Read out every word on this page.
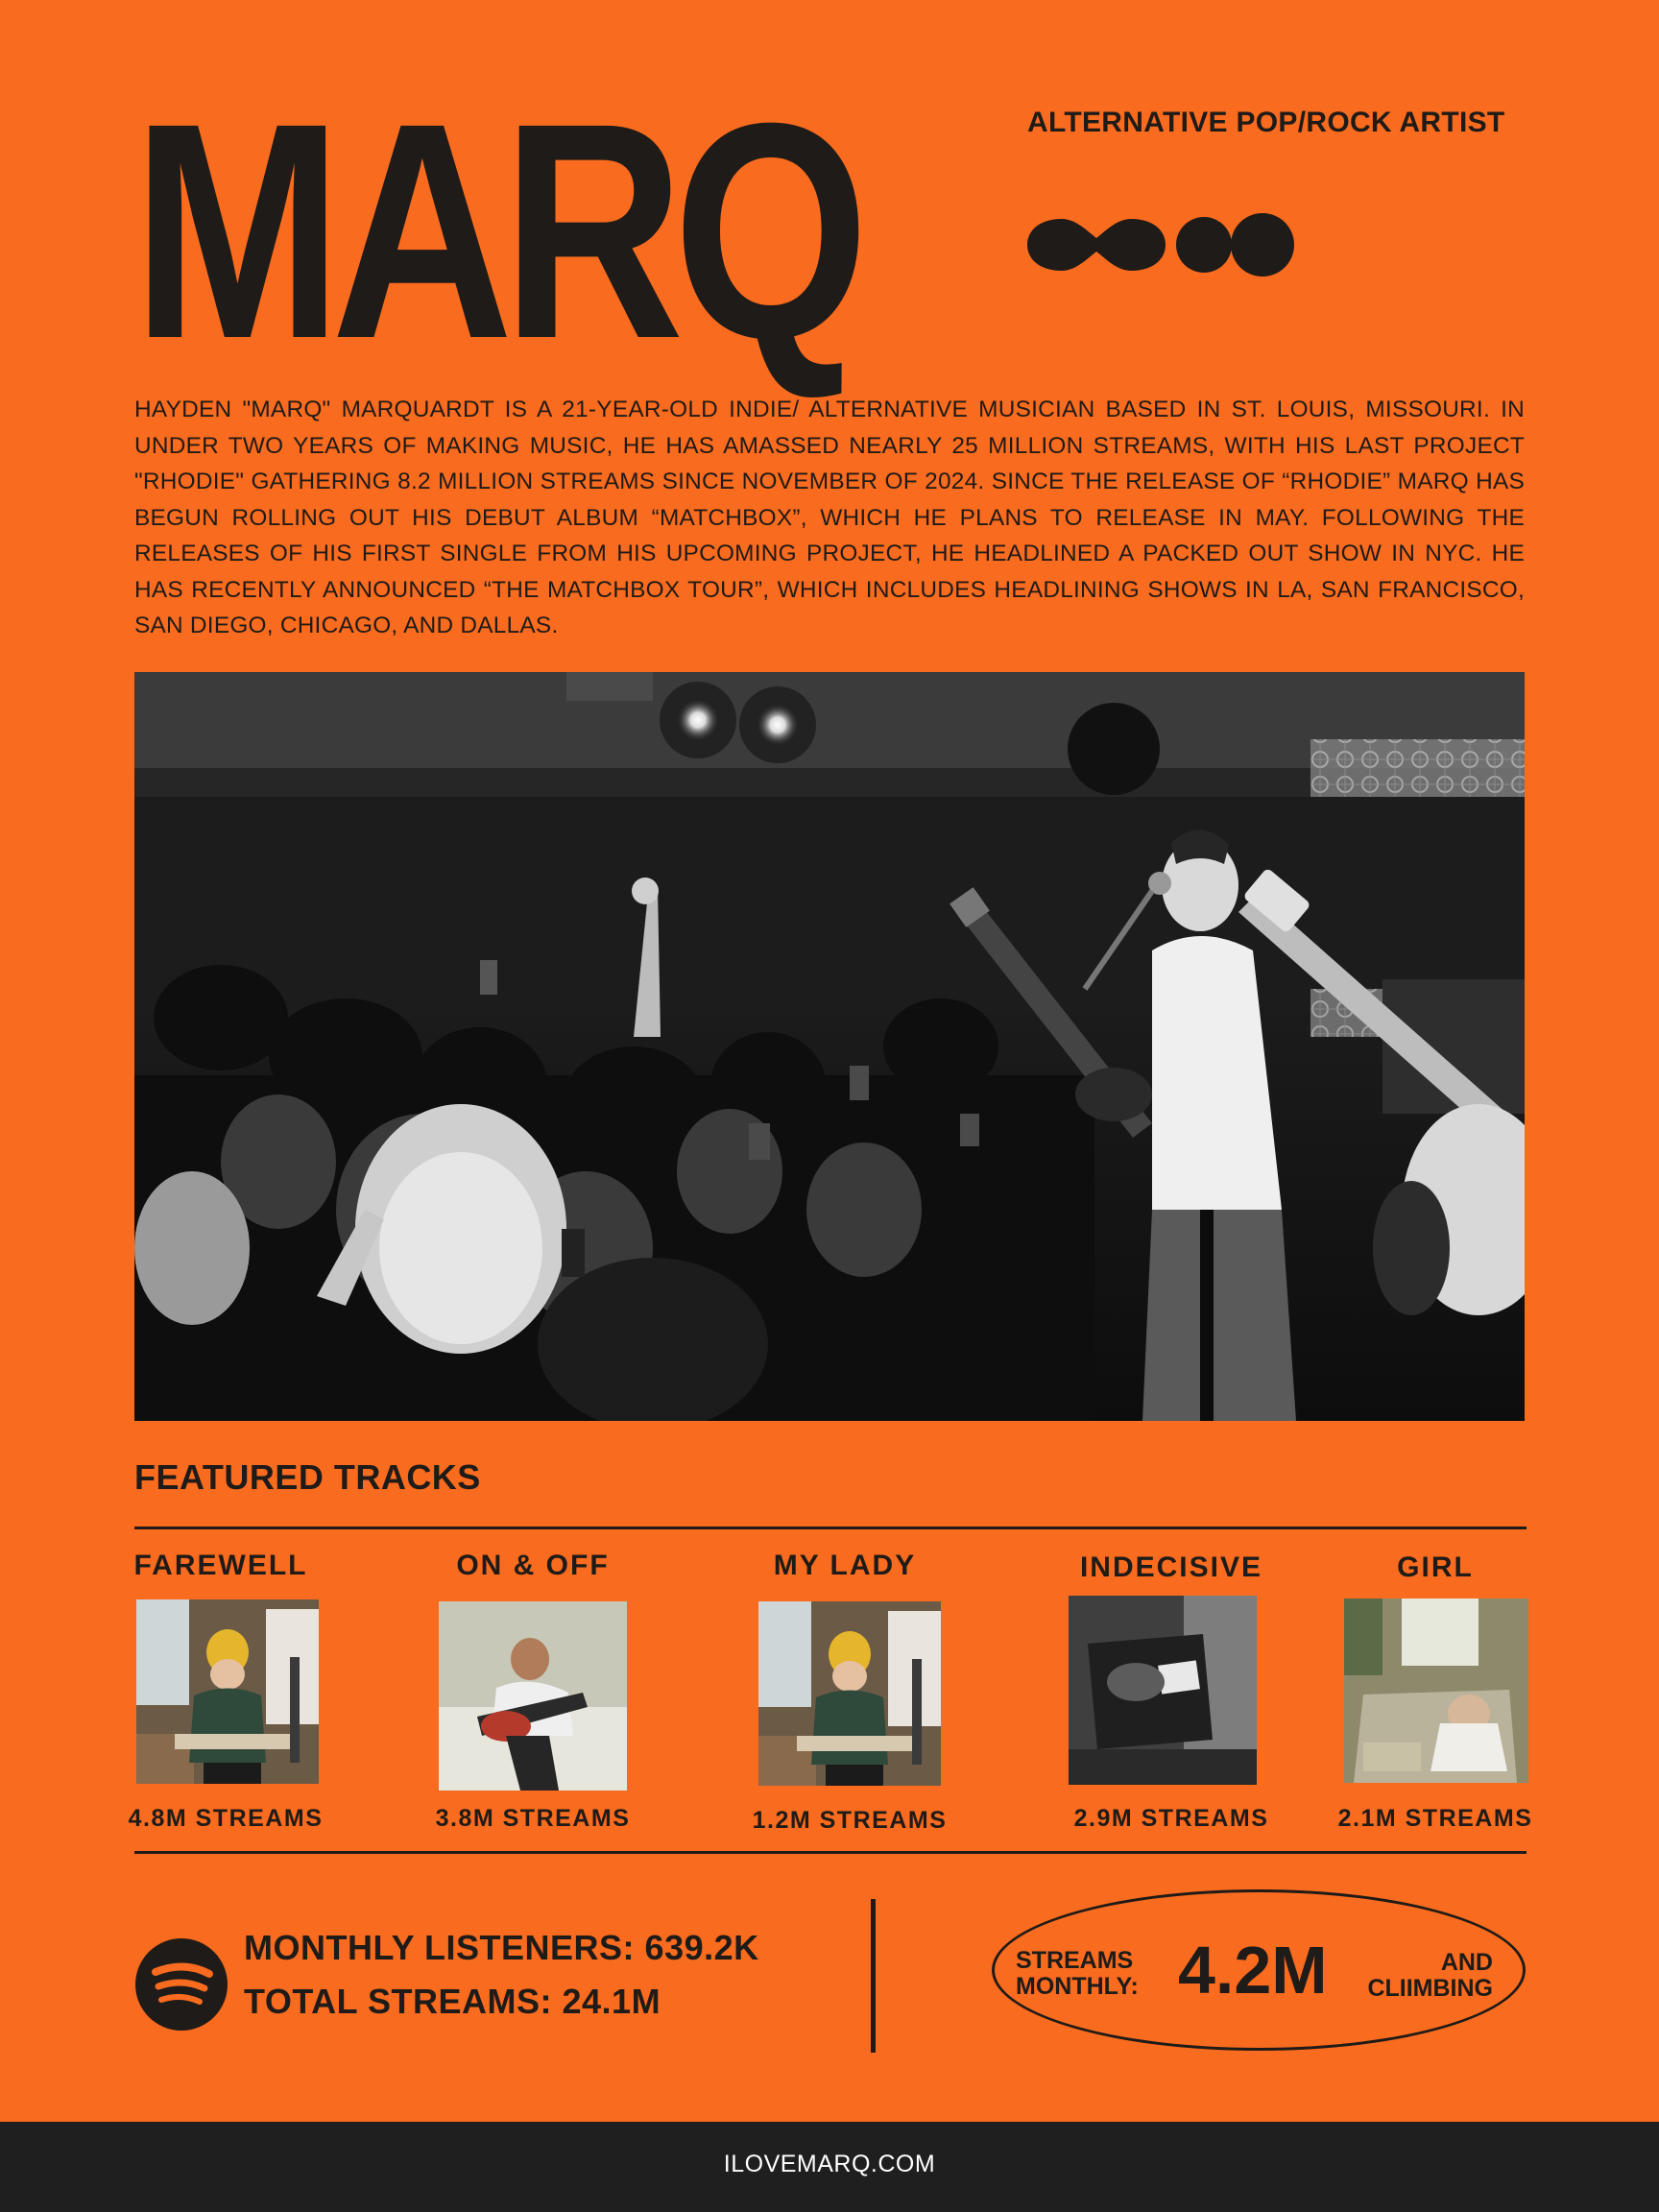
MARQ	ALTERNATIVE POP/ROCK ARTIST

HAYDEN "MARQ" MARQUARDT IS A 21-YEAR-OLD INDIE/ ALTERNATIVE MUSICIAN BASED IN ST. LOUIS, MISSOURI. IN UNDER TWO YEARS OF MAKING MUSIC, HE HAS AMASSED NEARLY 25 MILLION STREAMS, WITH HIS LAST PROJECT "RHODIE" GATHERING 8.2 MILLION STREAMS SINCE NOVEMBER OF 2024. SINCE THE RELEASE OF “RHODIE” MARQ HAS BEGUN ROLLING OUT HIS DEBUT ALBUM “MATCHBOX”, WHICH HE PLANS TO RELEASE IN MAY. FOLLOWING THE RELEASES OF HIS FIRST SINGLE FROM HIS UPCOMING PROJECT, HE HEADLINED A PACKED OUT SHOW IN NYC. HE HAS RECENTLY ANNOUNCED “THE MATCHBOX TOUR”, WHICH INCLUDES HEADLINING SHOWS IN LA, SAN FRANCISCO, SAN DIEGO, CHICAGO, AND DALLAS.

FEATURED TRACKS
FAREWELL
4.8M STREAMS
ON & OFF
3.8M STREAMS
MY LADY
1.2M STREAMS
INDECISIVE
2.9M STREAMS
GIRL
2.1M STREAMS
MONTHLY LISTENERS: 639.2K
TOTAL STREAMS: 24.1M
STREAMS
MONTHLY: 4.2M	AND
CLIIMBING
ILOVEMARQ.COM
